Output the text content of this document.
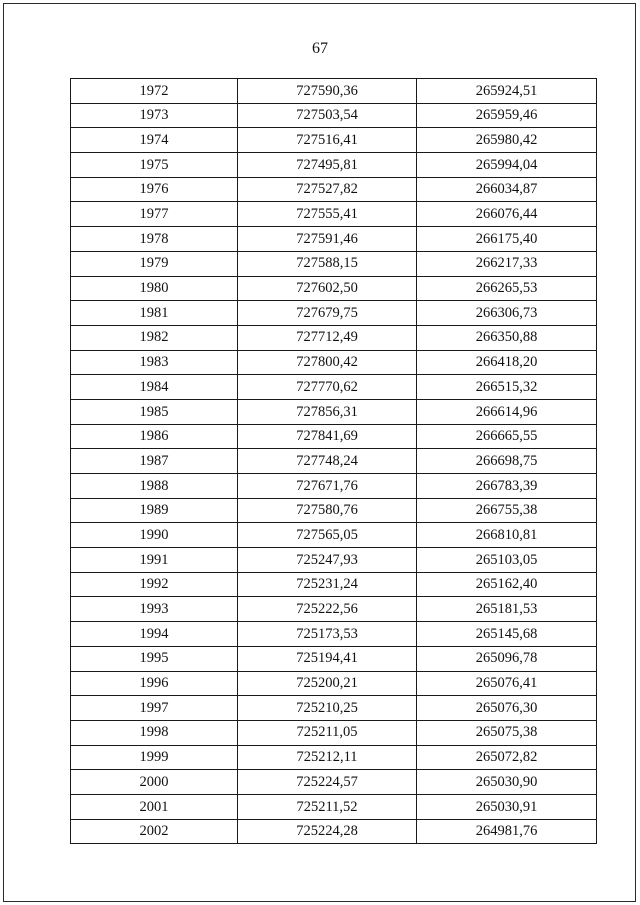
67
1972	727590,36	265924,51
1973	727503,54	265959,46
1974	727516,41	265980,42
1975	727495,81	265994,04
1976	727527,82	266034,87
1977	727555,41	266076,44
1978	727591,46	266175,40
1979	727588,15	266217,33
1980	727602,50	266265,53
1981	727679,75	266306,73
1982	727712,49	266350,88
1983	727800,42	266418,20
1984	727770,62	266515,32
1985	727856,31	266614,96
1986	727841,69	266665,55
1987	727748,24	266698,75
1988	727671,76	266783,39
1989	727580,76	266755,38
1990	727565,05	266810,81
1991	725247,93	265103,05
1992	725231,24	265162,40
1993	725222,56	265181,53
1994	725173,53	265145,68
1995	725194,41	265096,78
1996	725200,21	265076,41
1997	725210,25	265076,30
1998	725211,05	265075,38
1999	725212,11	265072,82
2000	725224,57	265030,90
2001	725211,52	265030,91
2002	725224,28	264981,76
